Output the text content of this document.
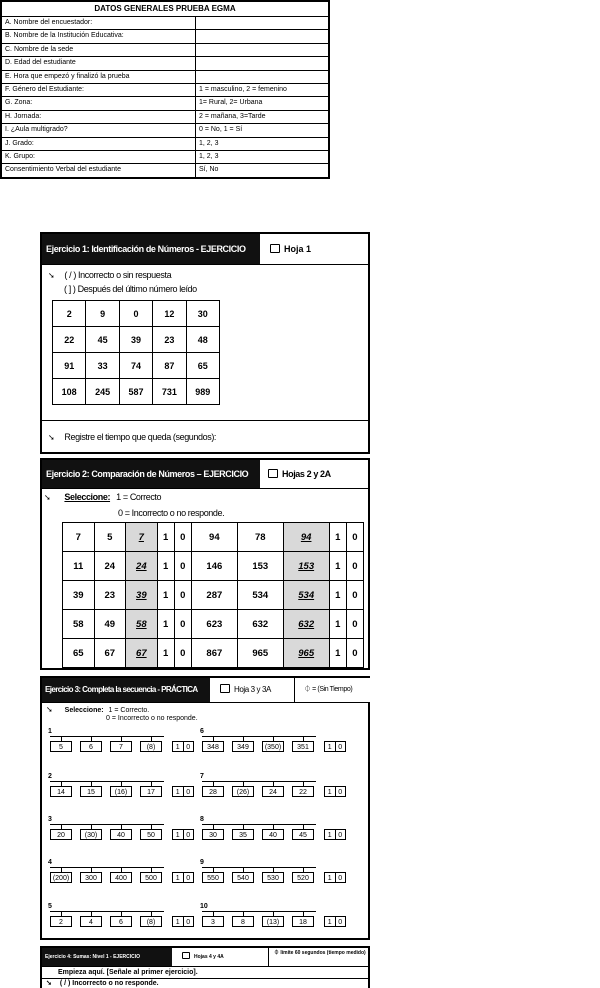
DATOS GENERALES PRUEBA EGMA
A. Nombre del encuestador:
B. Nombre de la Institución Educativa:
C. Nombre de la sede
D. Edad del estudiante
E. Hora que empezó y finalizó la prueba
F. Género del Estudiante:	1 = masculino, 2 = femenino
G. Zona:	1= Rural, 2= Urbana
H. Jornada:	2 = mañana, 3=Tarde
I. ¿Aula multigrado?	0 = No, 1 = Sí
J. Grado:	1, 2, 3
K. Grupo:	1, 2, 3
Consentimiento Verbal del estudiante	Sí, No
Ejercicio 1: Identificación de Números - EJERCICIO	Hoja 1
➘ ( / ) Incorrecto o sin respuesta
( ] ) Después del último número leído
2	9	0	12	30
22	45	39	23	48
91	33	74	87	65
108	245	587	731	989
➘ Registre el tiempo que queda (segundos):
Ejercicio 2: Comparación de Números – EJERCICIO	Hojas 2 y 2A
➘ Seleccione: 1 = Correcto
0 = Incorrecto o no responde.
7	5	7	1	0	94	78	94	1	0
11	24	24	1	0	146	153	153	1	0
39	23	39	1	0	287	534	534	1	0
58	49	58	1	0	623	632	632	1	0
65	67	67	1	0	867	965	965	1	0
Ejercicio 3: Completa la secuencia - PRÁCTICA	Hoja 3 y 3A	⏀ = (Sin Tiempo)
➘ Seleccione: 1 = Correcto.
0 = Incorrecto o no responde.
1
5	6	7	(8)	1 0
2
14	15	(16)	17	1 0
3
20	(30)	40	50	1 0
4
(200)	300	400	500	1 0
5
2	4	6	(8)	1 0
6
348	349	(350)	351	1 0
7
28	(26)	24	22	1 0
8
30	35	40	45	1 0
9
550	540	530	520	1 0
10
3	8	(13)	18	1 0
Ejercicio 4: Sumas: Nivel 1 - EJERCICIO	Hojas 4 y 4A
⏀ límite 60 segundos (tiempo medido)
Empieza aquí. [Señale al primer ejercicio].
➘ ( / ) Incorrecto o no responde.
